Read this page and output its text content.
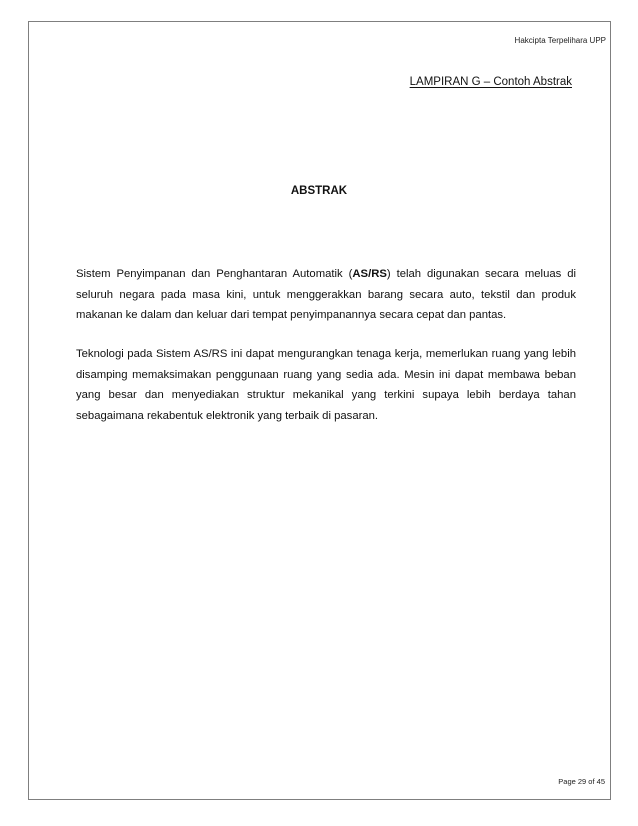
Hakcipta Terpelihara UPP
LAMPIRAN G – Contoh Abstrak
ABSTRAK

Sistem Penyimpanan dan Penghantaran Automatik (AS/RS) telah digunakan secara meluas di seluruh negara pada masa kini, untuk menggerakkan barang secara auto, tekstil dan produk makanan ke dalam dan keluar dari tempat penyimpanannya secara cepat dan pantas.

Teknologi pada Sistem AS/RS ini dapat mengurangkan tenaga kerja, memerlukan ruang yang lebih disamping memaksimakan penggunaan ruang yang sedia ada. Mesin ini dapat membawa beban yang besar dan menyediakan struktur mekanikal yang terkini supaya lebih berdaya tahan sebagaimana rekabentuk elektronik yang terbaik di pasaran.

Page 29 of 45
